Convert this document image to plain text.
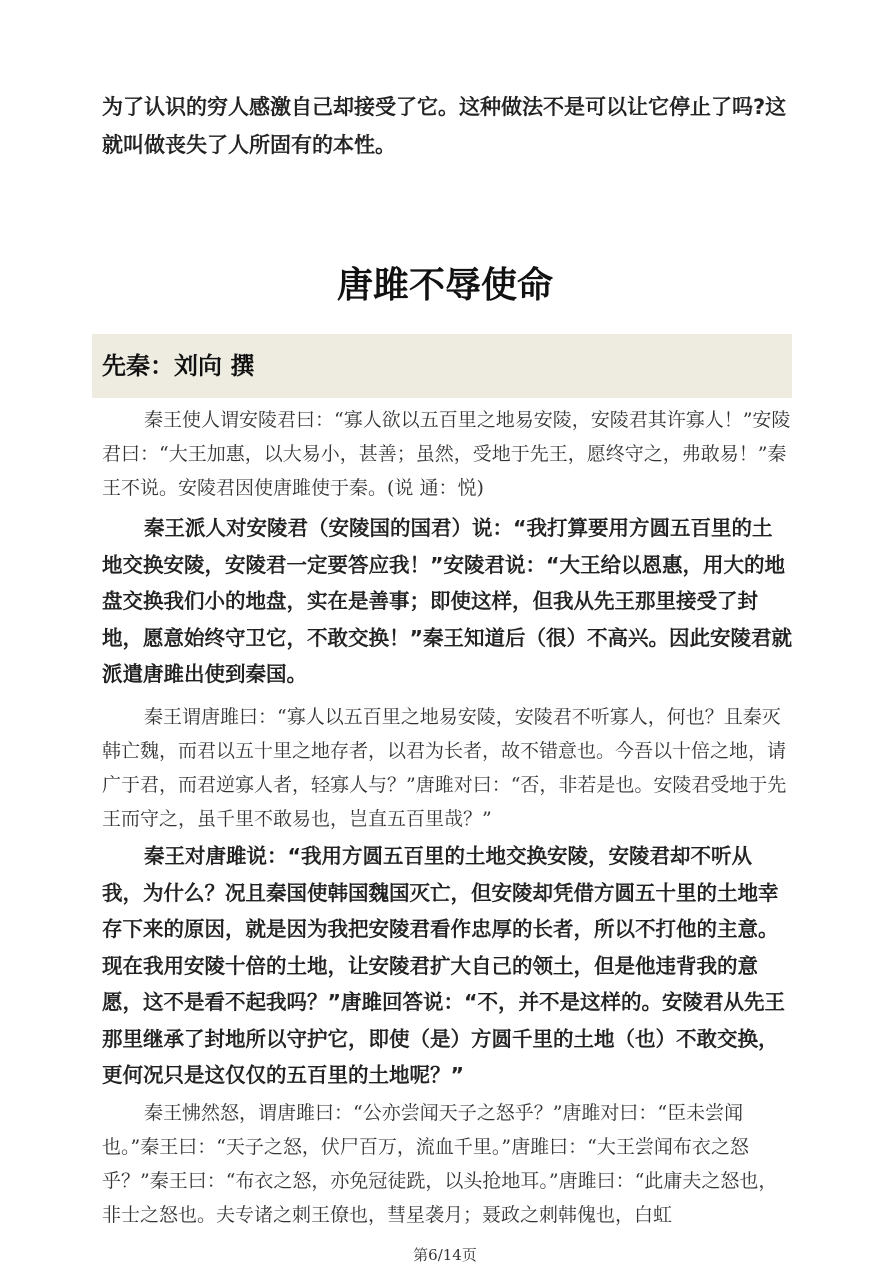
为了认识的穷人感激自己却接受了它。这种做法不是可以让它停止了吗?这就叫做丧失了人所固有的本性。

唐雎不辱使命

先秦：刘向 撰

秦王使人谓安陵君曰：“寡人欲以五百里之地易安陵，安陵君其许寡人！”安陵君曰：“大王加惠，以大易小，甚善；虽然，受地于先王，愿终守之，弗敢易！”秦王不说。安陵君因使唐雎使于秦。(说 通：悦)

秦王派人对安陵君（安陵国的国君）说：“我打算要用方圆五百里的土地交换安陵，安陵君一定要答应我！”安陵君说：“大王给以恩惠，用大的地盘交换我们小的地盘，实在是善事；即使这样，但我从先王那里接受了封地，愿意始终守卫它，不敢交换！”秦王知道后（很）不高兴。因此安陵君就派遣唐雎出使到秦国。

秦王谓唐雎曰：“寡人以五百里之地易安陵，安陵君不听寡人，何也？且秦灭韩亡魏，而君以五十里之地存者，以君为长者，故不错意也。今吾以十倍之地，请广于君，而君逆寡人者，轻寡人与？”唐雎对曰：“否，非若是也。安陵君受地于先王而守之，虽千里不敢易也，岂直五百里哉？”

秦王对唐雎说：“我用方圆五百里的土地交换安陵，安陵君却不听从我，为什么？况且秦国使韩国魏国灭亡，但安陵却凭借方圆五十里的土地幸存下来的原因，就是因为我把安陵君看作忠厚的长者，所以不打他的主意。现在我用安陵十倍的土地，让安陵君扩大自己的领土，但是他违背我的意愿，这不是看不起我吗？”唐雎回答说：“不，并不是这样的。安陵君从先王那里继承了封地所以守护它，即使（是）方圆千里的土地（也）不敢交换，更何况只是这仅仅的五百里的土地呢？”

秦王怫然怒，谓唐雎曰：“公亦尝闻天子之怒乎？”唐雎对曰：“臣未尝闻也。”秦王曰：“天子之怒，伏尸百万，流血千里。”唐雎曰：“大王尝闻布衣之怒乎？”秦王曰：“布衣之怒，亦免冠徒跣，以头抢地耳。”唐雎曰：“此庸夫之怒也，非士之怒也。夫专诸之刺王僚也，彗星袭月；聂政之刺韩傀也，白虹

第6/14页
